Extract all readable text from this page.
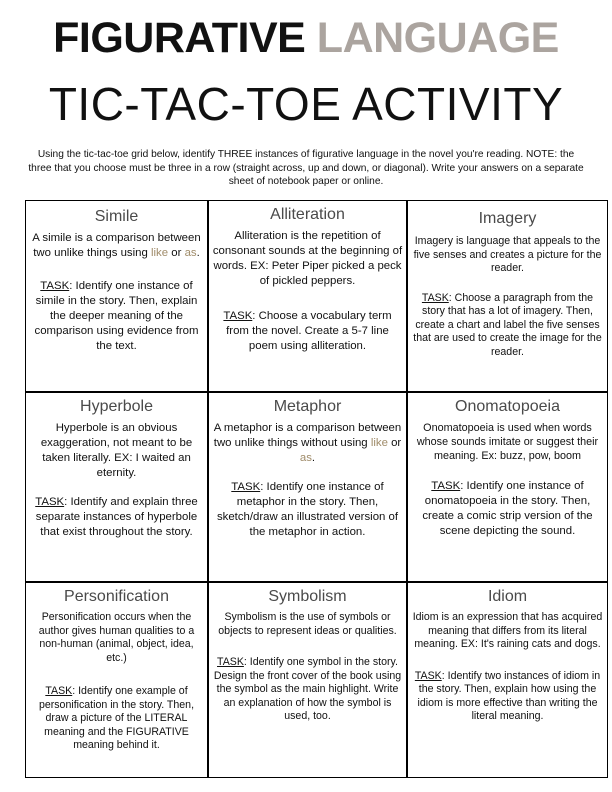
FIGURATIVE LANGUAGE
TIC-TAC-TOE ACTIVITY
Using the tic-tac-toe grid below, identify THREE instances of figurative language in the novel you're reading. NOTE: the three that you choose must be three in a row (straight across, up and down, or diagonal). Write your answers on a separate sheet of notebook paper or online.
Simile
A simile is a comparison between two unlike things using like or as.
TASK: Identify one instance of simile in the story. Then, explain the deeper meaning of the comparison using evidence from the text.
Alliteration
Alliteration is the repetition of consonant sounds at the beginning of words. EX: Peter Piper picked a peck of pickled peppers.
TASK: Choose a vocabulary term from the novel. Create a 5-7 line poem using alliteration.
Imagery
Imagery is language that appeals to the five senses and creates a picture for the reader.
TASK: Choose a paragraph from the story that has a lot of imagery. Then, create a chart and label the five senses that are used to create the image for the reader.
Hyperbole
Hyperbole is an obvious exaggeration, not meant to be taken literally. EX: I waited an eternity.
TASK: Identify and explain three separate instances of hyperbole that exist throughout the story.
Metaphor
A metaphor is a comparison between two unlike things without using like or as.
TASK: Identify one instance of metaphor in the story. Then, sketch/draw an illustrated version of the metaphor in action.
Onomatopoeia
Onomatopoeia is used when words whose sounds imitate or suggest their meaning. Ex: buzz, pow, boom
TASK: Identify one instance of onomatopoeia in the story. Then, create a comic strip version of the scene depicting the sound.
Personification
Personification occurs when the author gives human qualities to a non-human (animal, object, idea, etc.)
TASK: Identify one example of personification in the story. Then, draw a picture of the LITERAL meaning and the FIGURATIVE meaning behind it.
Symbolism
Symbolism is the use of symbols or objects to represent ideas or qualities.
TASK: Identify one symbol in the story. Design the front cover of the book using the symbol as the main highlight. Write an explanation of how the symbol is used, too.
Idiom
Idiom is an expression that has acquired meaning that differs from its literal meaning. EX: It's raining cats and dogs.
TASK: Identify two instances of idiom in the story. Then, explain how using the idiom is more effective than writing the literal meaning.
